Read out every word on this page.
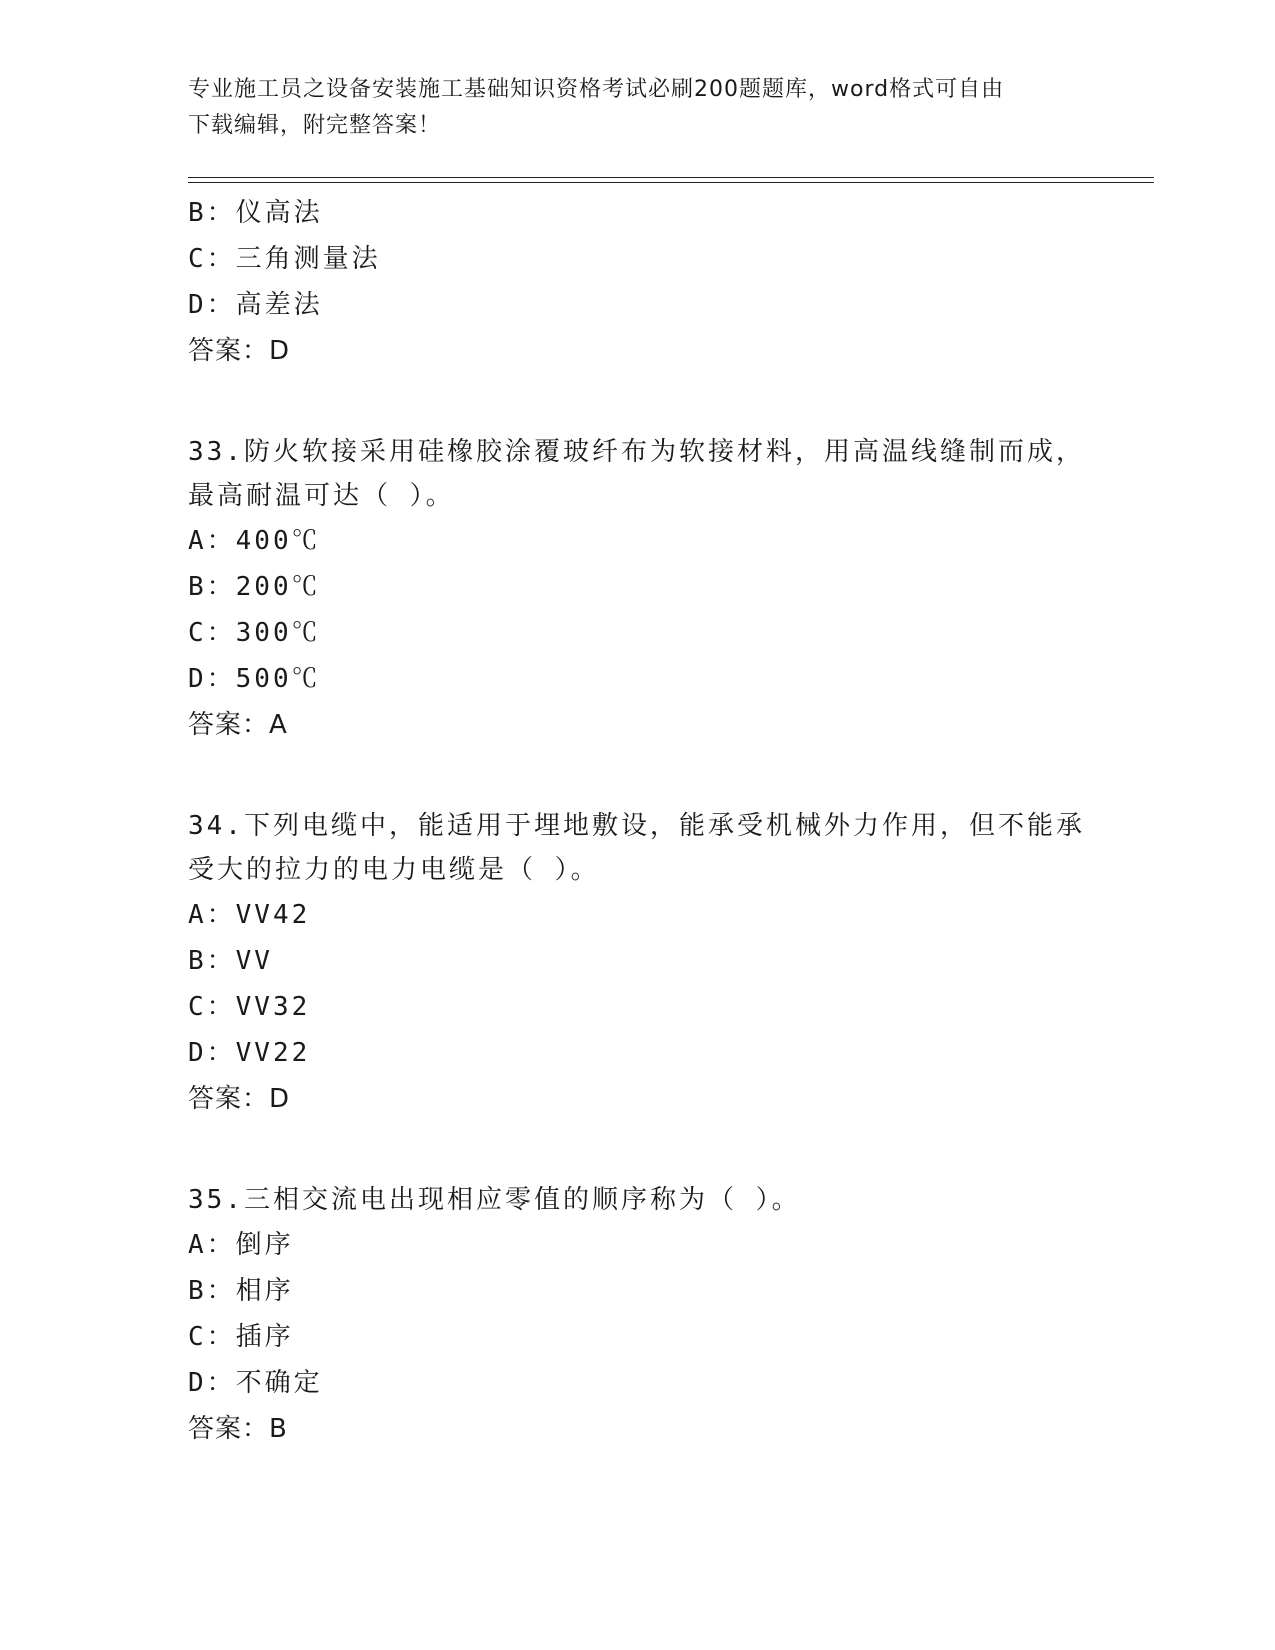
专业施工员之设备安装施工基础知识资格考试必刷200题题库，word格式可自由
下载编辑，附完整答案！
B：仪高法
C：三角测量法
D：高差法
答案：D
33.防火软接采用硅橡胶涂覆玻纤布为软接材料，用高温线缝制而成，最高耐温可达（ ）。
A：400℃
B：200℃
C：300℃
D：500℃
答案：A
34.下列电缆中，能适用于埋地敷设，能承受机械外力作用，但不能承受大的拉力的电力电缆是（ ）。
A：VV42
B：VV
C：VV32
D：VV22
答案：D
35.三相交流电出现相应零值的顺序称为（ ）。
A：倒序
B：相序
C：插序
D：不确定
答案：B
